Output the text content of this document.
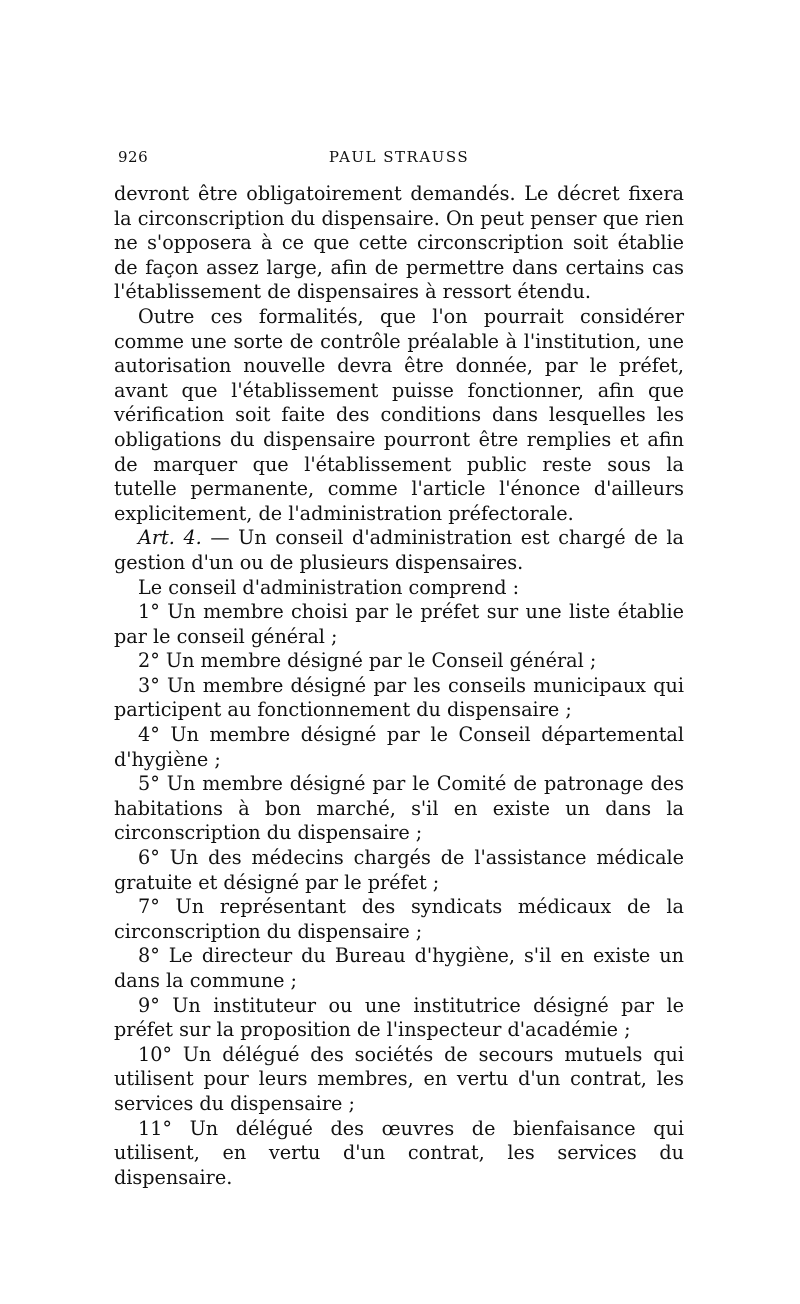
926	PAUL STRAUSS

devront être obligatoirement demandés. Le décret fixera la circonscription du dispensaire. On peut penser que rien ne s'opposera à ce que cette circonscription soit établie de façon assez large, afin de permettre dans certains cas l'établissement de dispensaires à ressort étendu.

Outre ces formalités, que l'on pourrait considérer comme une sorte de contrôle préalable à l'institution, une autorisation nouvelle devra être donnée, par le préfet, avant que l'établissement puisse fonctionner, afin que vérification soit faite des conditions dans lesquelles les obligations du dispensaire pourront être remplies et afin de marquer que l'établissement public reste sous la tutelle permanente, comme l'article l'énonce d'ailleurs explicitement, de l'administration préfectorale.

Art. 4. — Un conseil d'administration est chargé de la gestion d'un ou de plusieurs dispensaires.

Le conseil d'administration comprend :

1° Un membre choisi par le préfet sur une liste établie par le conseil général ;

2° Un membre désigné par le Conseil général ;

3° Un membre désigné par les conseils municipaux qui participent au fonctionnement du dispensaire ;

4° Un membre désigné par le Conseil départemental d'hygiène ;

5° Un membre désigné par le Comité de patronage des habitations à bon marché, s'il en existe un dans la circonscription du dispensaire ;

6° Un des médecins chargés de l'assistance médicale gratuite et désigné par le préfet ;

7° Un représentant des syndicats médicaux de la circonscription du dispensaire ;

8° Le directeur du Bureau d'hygiène, s'il en existe un dans la commune ;

9° Un instituteur ou une institutrice désigné par le préfet sur la proposition de l'inspecteur d'académie ;

10° Un délégué des sociétés de secours mutuels qui utilisent pour leurs membres, en vertu d'un contrat, les services du dispensaire ;

11° Un délégué des œuvres de bienfaisance qui utilisent, en vertu d'un contrat, les services du dispensaire.
